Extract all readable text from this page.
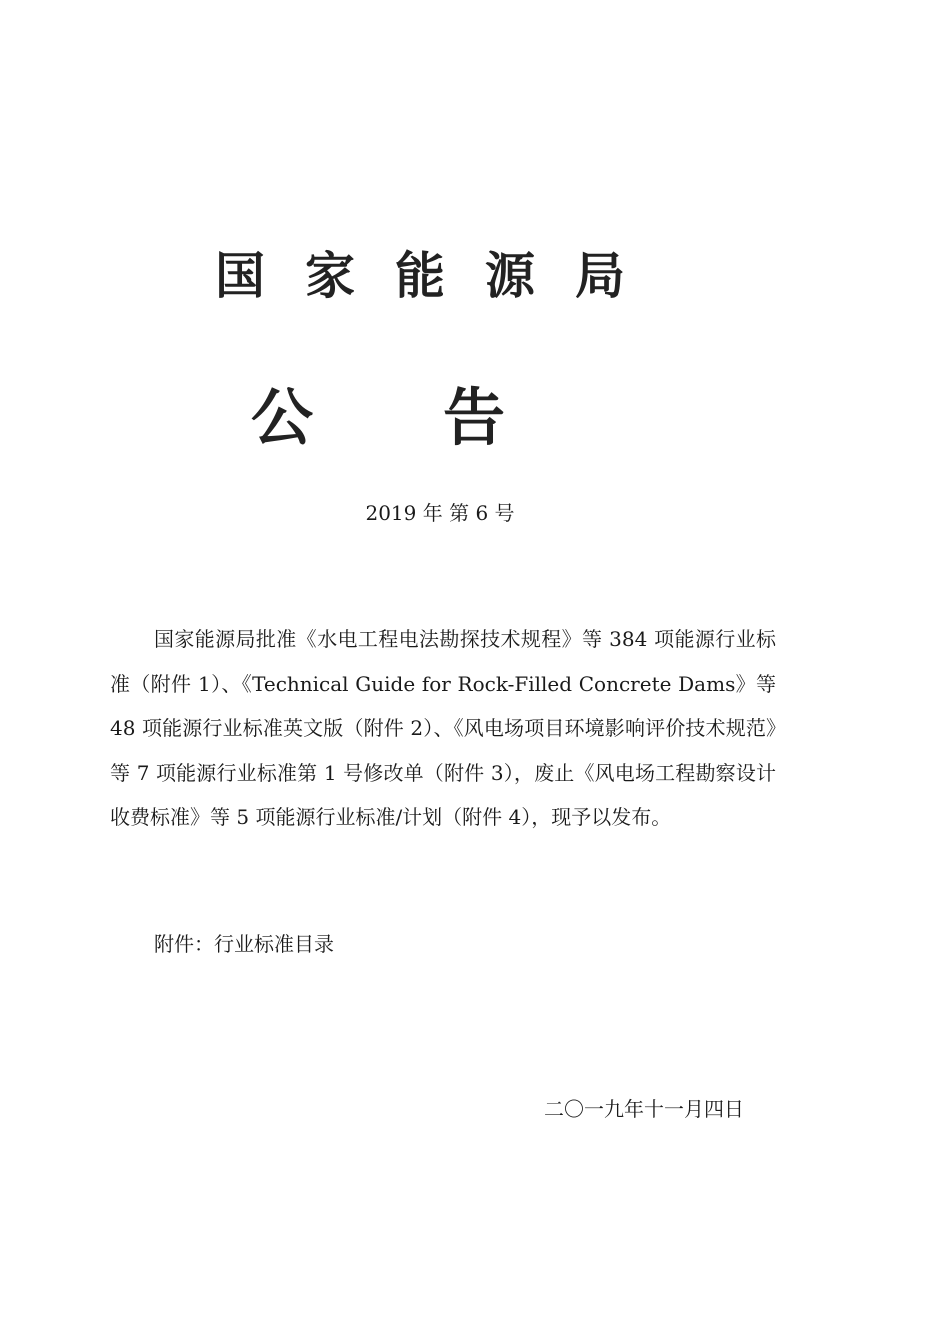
国家能源局
公告
2019 年 第 6 号

国家能源局批准《水电工程电法勘探技术规程》等 384 项能源行业标准（附件 1）、《Technical Guide for Rock-Filled Concrete Dams》等 48 项能源行业标准英文版（附件 2）、《风电场项目环境影响评价技术规范》等 7 项能源行业标准第 1 号修改单（附件 3），废止《风电场工程勘察设计收费标准》等 5 项能源行业标准/计划（附件 4），现予以发布。

附件：行业标准目录
二〇一九年十一月四日
